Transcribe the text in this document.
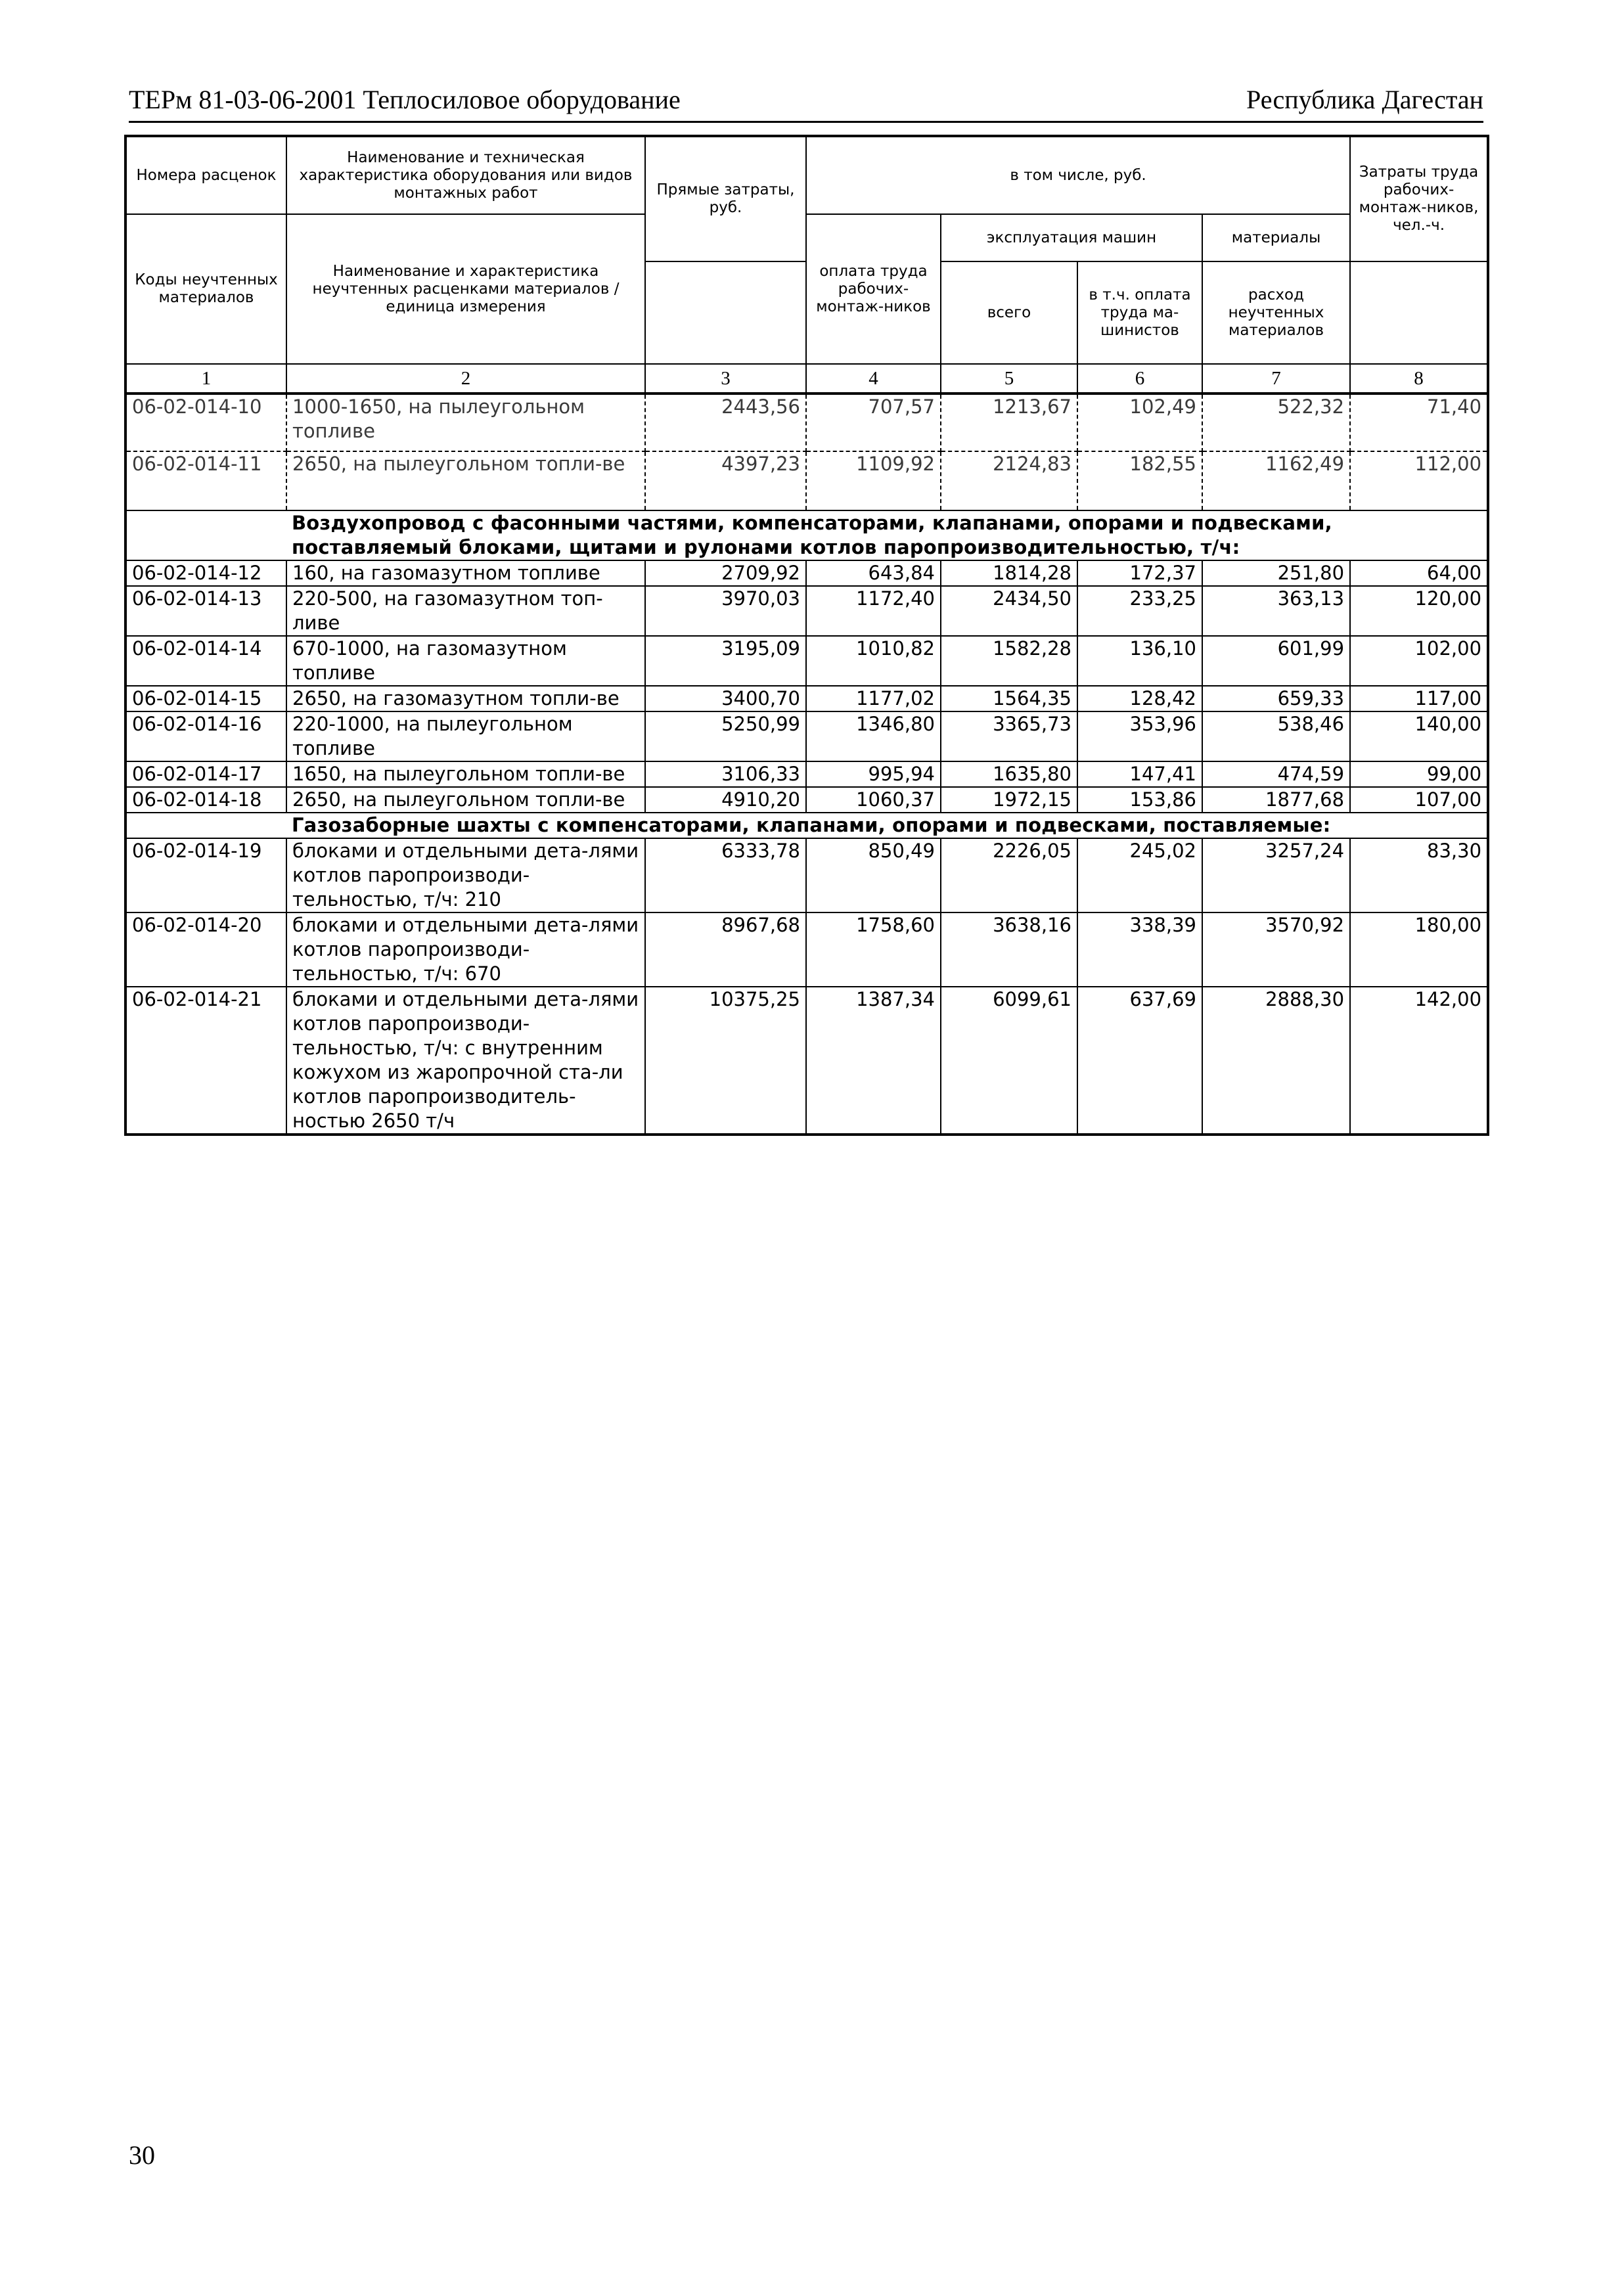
ТЕРм 81-03-06-2001 Теплосиловое оборудование	Республика Дагестан
Номера расценок	Наименование и техническая характеристика оборудования или видов монтажных работ	Прямые затраты, руб.	в том числе, руб.				Затраты труда рабочих-монтаж-ников, чел.-ч.
Коды неучтенных материалов	Наименование и характеристика неучтенных расценками материалов / единица измерения		оплата труда рабочих-монтаж-ников	эксплуатация машин		материалы	
				всего	в т.ч. оплата труда ма-шинистов	расход неучтенных материалов	
1	2	3	4	5	6	7	8
06-02-014-10	1000-1650, на пылеугольном топливе	2443,56	707,57	1213,67	102,49	522,32	71,40
06-02-014-11	2650, на пылеугольном топли-ве	4397,23	1109,92	2124,83	182,55	1162,49	112,00
	Воздухопровод с фасонными частями, компенсаторами, клапанами, опорами и подвесками, поставляемый блоками, щитами и рулонами котлов паропроизводительностью, т/ч:						
06-02-014-12	160, на газомазутном топливе	2709,92	643,84	1814,28	172,37	251,80	64,00
06-02-014-13	220-500, на газомазутном топ-ливе	3970,03	1172,40	2434,50	233,25	363,13	120,00
06-02-014-14	670-1000, на газомазутном топливе	3195,09	1010,82	1582,28	136,10	601,99	102,00
06-02-014-15	2650, на газомазутном топли-ве	3400,70	1177,02	1564,35	128,42	659,33	117,00
06-02-014-16	220-1000, на пылеугольном топливе	5250,99	1346,80	3365,73	353,96	538,46	140,00
06-02-014-17	1650, на пылеугольном топли-ве	3106,33	995,94	1635,80	147,41	474,59	99,00
06-02-014-18	2650, на пылеугольном топли-ве	4910,20	1060,37	1972,15	153,86	1877,68	107,00
	Газозаборные шахты с компенсаторами, клапанами, опорами и подвесками, поставляемые:						
06-02-014-19	блоками и отдельными дета-лями котлов паропроизводи-тельностью, т/ч: 210	6333,78	850,49	2226,05	245,02	3257,24	83,30
06-02-014-20	блоками и отдельными дета-лями котлов паропроизводи-тельностью, т/ч: 670	8967,68	1758,60	3638,16	338,39	3570,92	180,00
06-02-014-21	блоками и отдельными дета-лями котлов паропроизводи-тельностью, т/ч: с внутренним кожухом из жаропрочной ста-ли котлов паропроизводитель-ностью 2650 т/ч	10375,25	1387,34	6099,61	637,69	2888,30	142,00
30
